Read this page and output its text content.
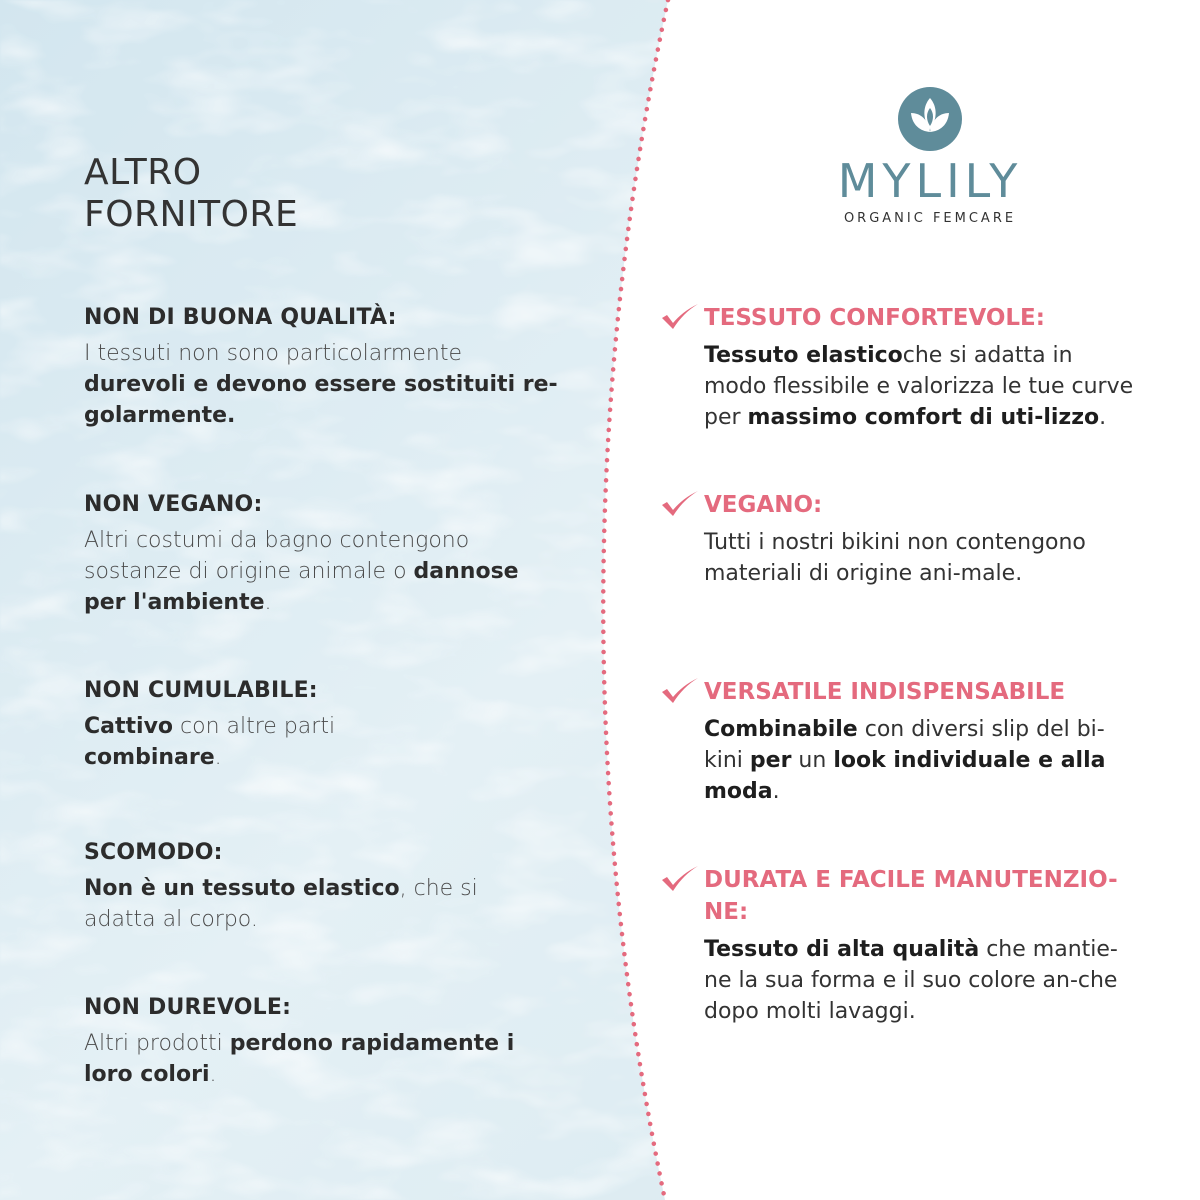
ALTRO
FORNITORE
NON DI BUONA QUALITÀ:
I tessuti non sono particolarmente durevoli e devono essere sostituiti re-golarmente.
NON VEGANO:
Altri costumi da bagno contengono sostanze di origine animale o dannose per l'ambiente.
NON CUMULABILE:
Cattivo con altre parti combinare.
SCOMODO:
Non è un tessuto elastico, che si adatta al corpo.
NON DUREVOLE:
Altri prodotti perdono rapidamente i loro colori.
MYLILY
ORGANIC FEMCARE
TESSUTO CONFORTEVOLE:
Tessuto elasticoche si adatta in modo flessibile e valorizza le tue curve per massimo comfort di uti-lizzo.
VEGANO:
Tutti i nostri bikini non contengono materiali di origine ani-male.
VERSATILE INDISPENSABILE
Combinabile con diversi slip del bi-kini per un look individuale e alla moda.
DURATA E FACILE MANUTENZIO-NE:
Tessuto di alta qualità che mantie-ne la sua forma e il suo colore an-che dopo molti lavaggi.
